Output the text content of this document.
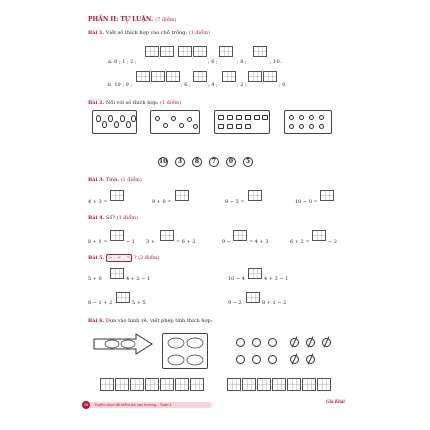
PHẦN II: TỰ LUẬN. (7 điểm)
Bài 1. Viết số thích hợp vào chỗ trống: (1 điểm)
a. 0 ; 1 ; 2 ;	; 6 ;	; 8 ;	; 10.
b. 10 ; 9 ;	; 6 ;	; 4 ;	; 2 ;	; 0.
Bài 2. Nối với số thích hợp: (1 điểm)
10	3	8	7	0	5
Bài 3. Tính: (1 điểm)
4 + 3 =	9 + 0 =	8 − 3 =	10 − 0 =
Bài 4. Số? (1 điểm)
8 + 1 =	− 1 3 +	= 6 + 2	9 −	= 4 + 3	6 + 2 =	− 2
Bài 5. > ; < ; = ? (2 điểm)
5 + 0	4 + 2 − 1	10 − 4	4 + 3 − 1
8 − 1 + 2	5 + 5	9 − 2	8 + 1 − 2
Bài 6. Dựa vào hình vẽ, viết phép tính thích hợp:
26	Tuyển chọn đề kiểm tra các trường - Toán 1	Gia Khải
